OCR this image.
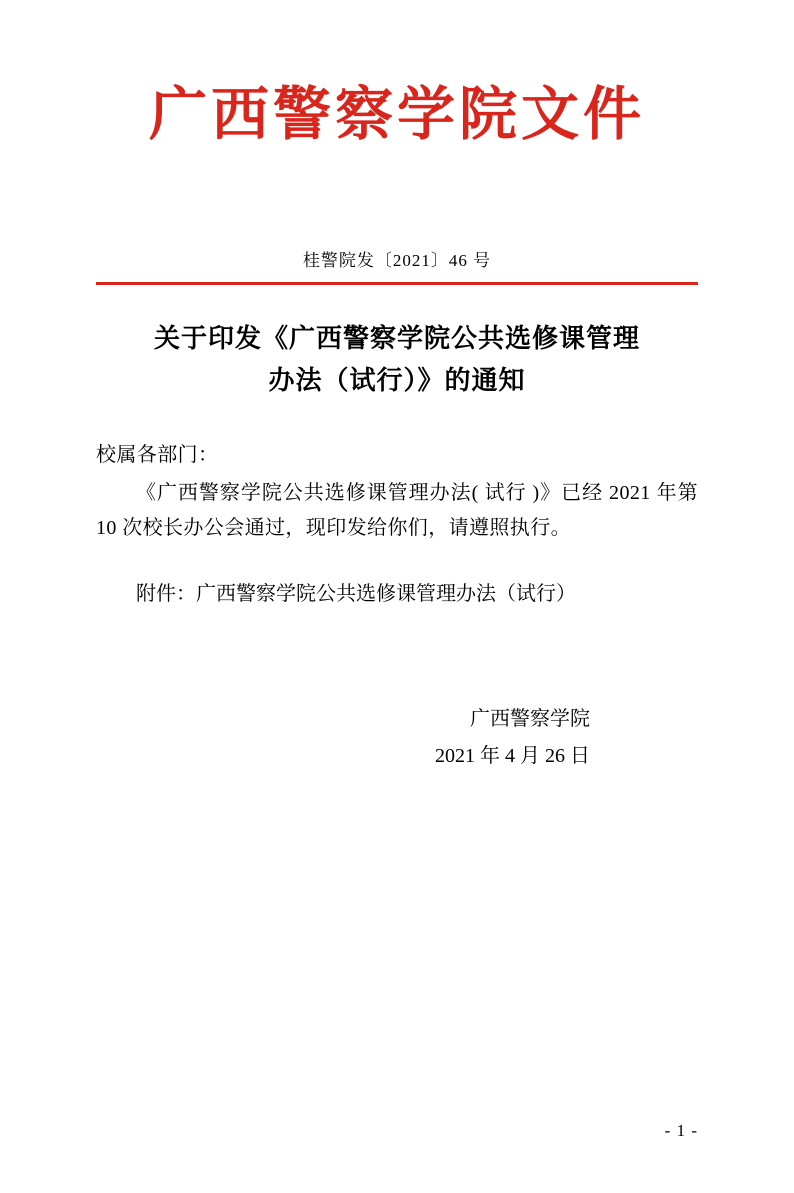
广西警察学院文件
桂警院发〔2021〕46 号
关于印发《广西警察学院公共选修课管理
办法（试行）》的通知

校属各部门：

《广西警察学院公共选修课管理办法( 试行 )》已经 2021 年第 10 次校长办公会通过，现印发给你们，请遵照执行。

附件：广西警察学院公共选修课管理办法（试行）
广西警察学院
2021 年 4 月 26 日
- 1 -
